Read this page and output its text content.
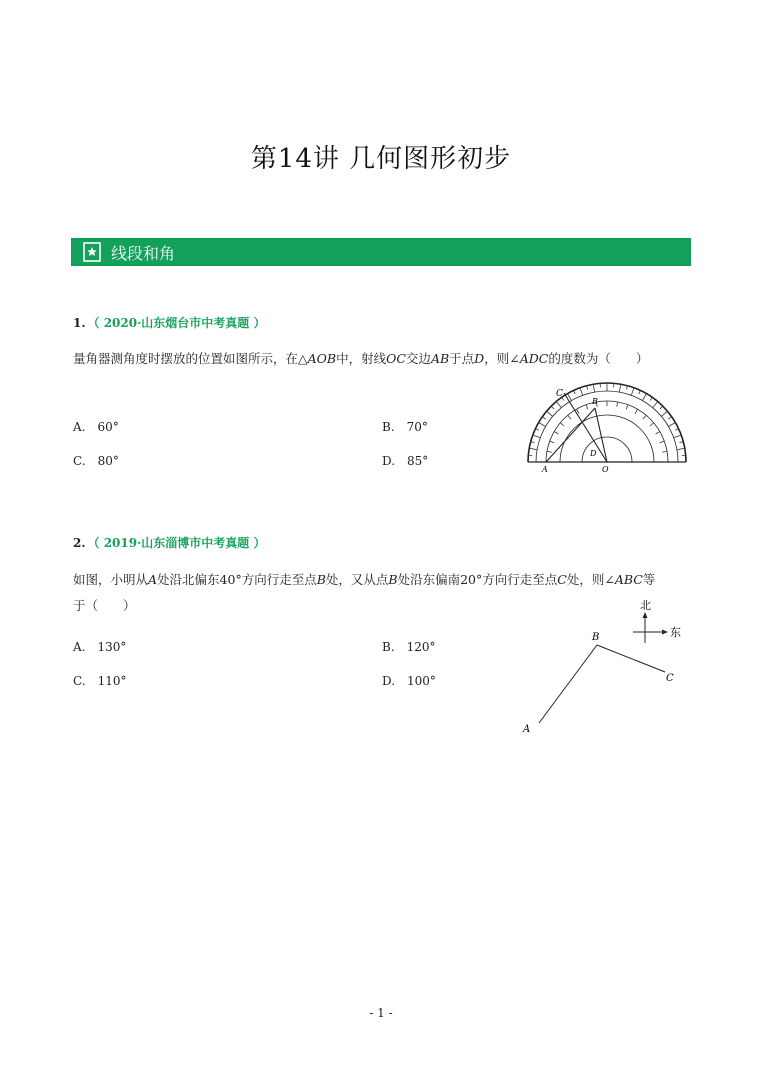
第14讲 几何图形初步
线段和角
1. （ 2020·山东烟台市中考真题 ）
量角器测角度时摆放的位置如图所示，在△AOB中，射线OC交边AB于点D，则∠ADC的度数为（　　）
A.　60°	B.　70°
C.　80°	D.　85°
C
D
A	O
B
2. （ 2019·山东淄博市中考真题 ）
如图，小明从A处沿北偏东40°方向行走至点B处，又从点B处沿东偏南20°方向行走至点C处，则∠ABC等
于（　　）
A.　130°	B.　120°
C.　110°	D.　100°
北
东
B
C
A
- 1 -
